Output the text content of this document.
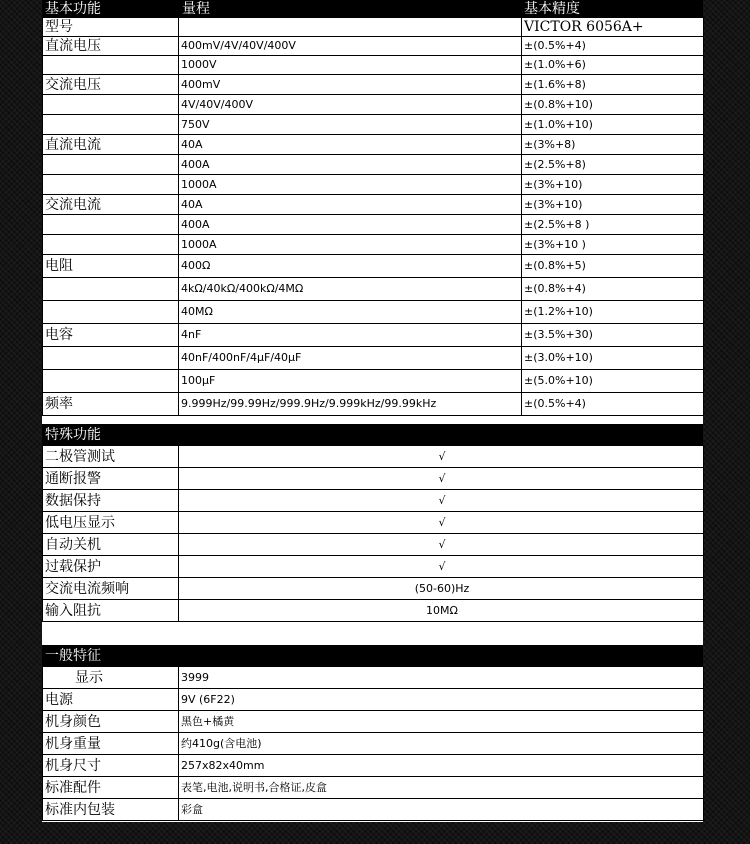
基本功能	量程	基本精度
型号		VICTOR 6056A+
直流电压	400mV/4V/40V/400V	±(0.5%+4)
	1000V	±(1.0%+6)
交流电压	400mV	±(1.6%+8)
	4V/40V/400V	±(0.8%+10)
	750V	±(1.0%+10)
直流电流	40A	±(3%+8)
	400A	±(2.5%+8)
	1000A	±(3%+10)
交流电流	40A	±(3%+10)
	400A	±(2.5%+8 )
	1000A	±(3%+10 )
电阻	400Ω	±(0.8%+5)
	4kΩ/40kΩ/400kΩ/4MΩ	±(0.8%+4)
	40MΩ	±(1.2%+10)
电容	4nF	±(3.5%+30)
	40nF/400nF/4μF/40μF	±(3.0%+10)
	100μF	±(5.0%+10)
频率	9.999Hz/99.99Hz/999.9Hz/9.999kHz/99.99kHz	±(0.5%+4)
特殊功能
二极管测试	√
通断报警	√
数据保持	√
低电压显示	√
自动关机	√
过载保护	√
交流电流频响	(50-60)Hz
输入阻抗	10MΩ
一般特征
显示	3999
电源	9V (6F22)
机身颜色	黑色+橘黄
机身重量	约410g(含电池)
机身尺寸	257x82x40mm
标准配件	表笔,电池,说明书,合格证,皮盒
标准内包装	彩盒
